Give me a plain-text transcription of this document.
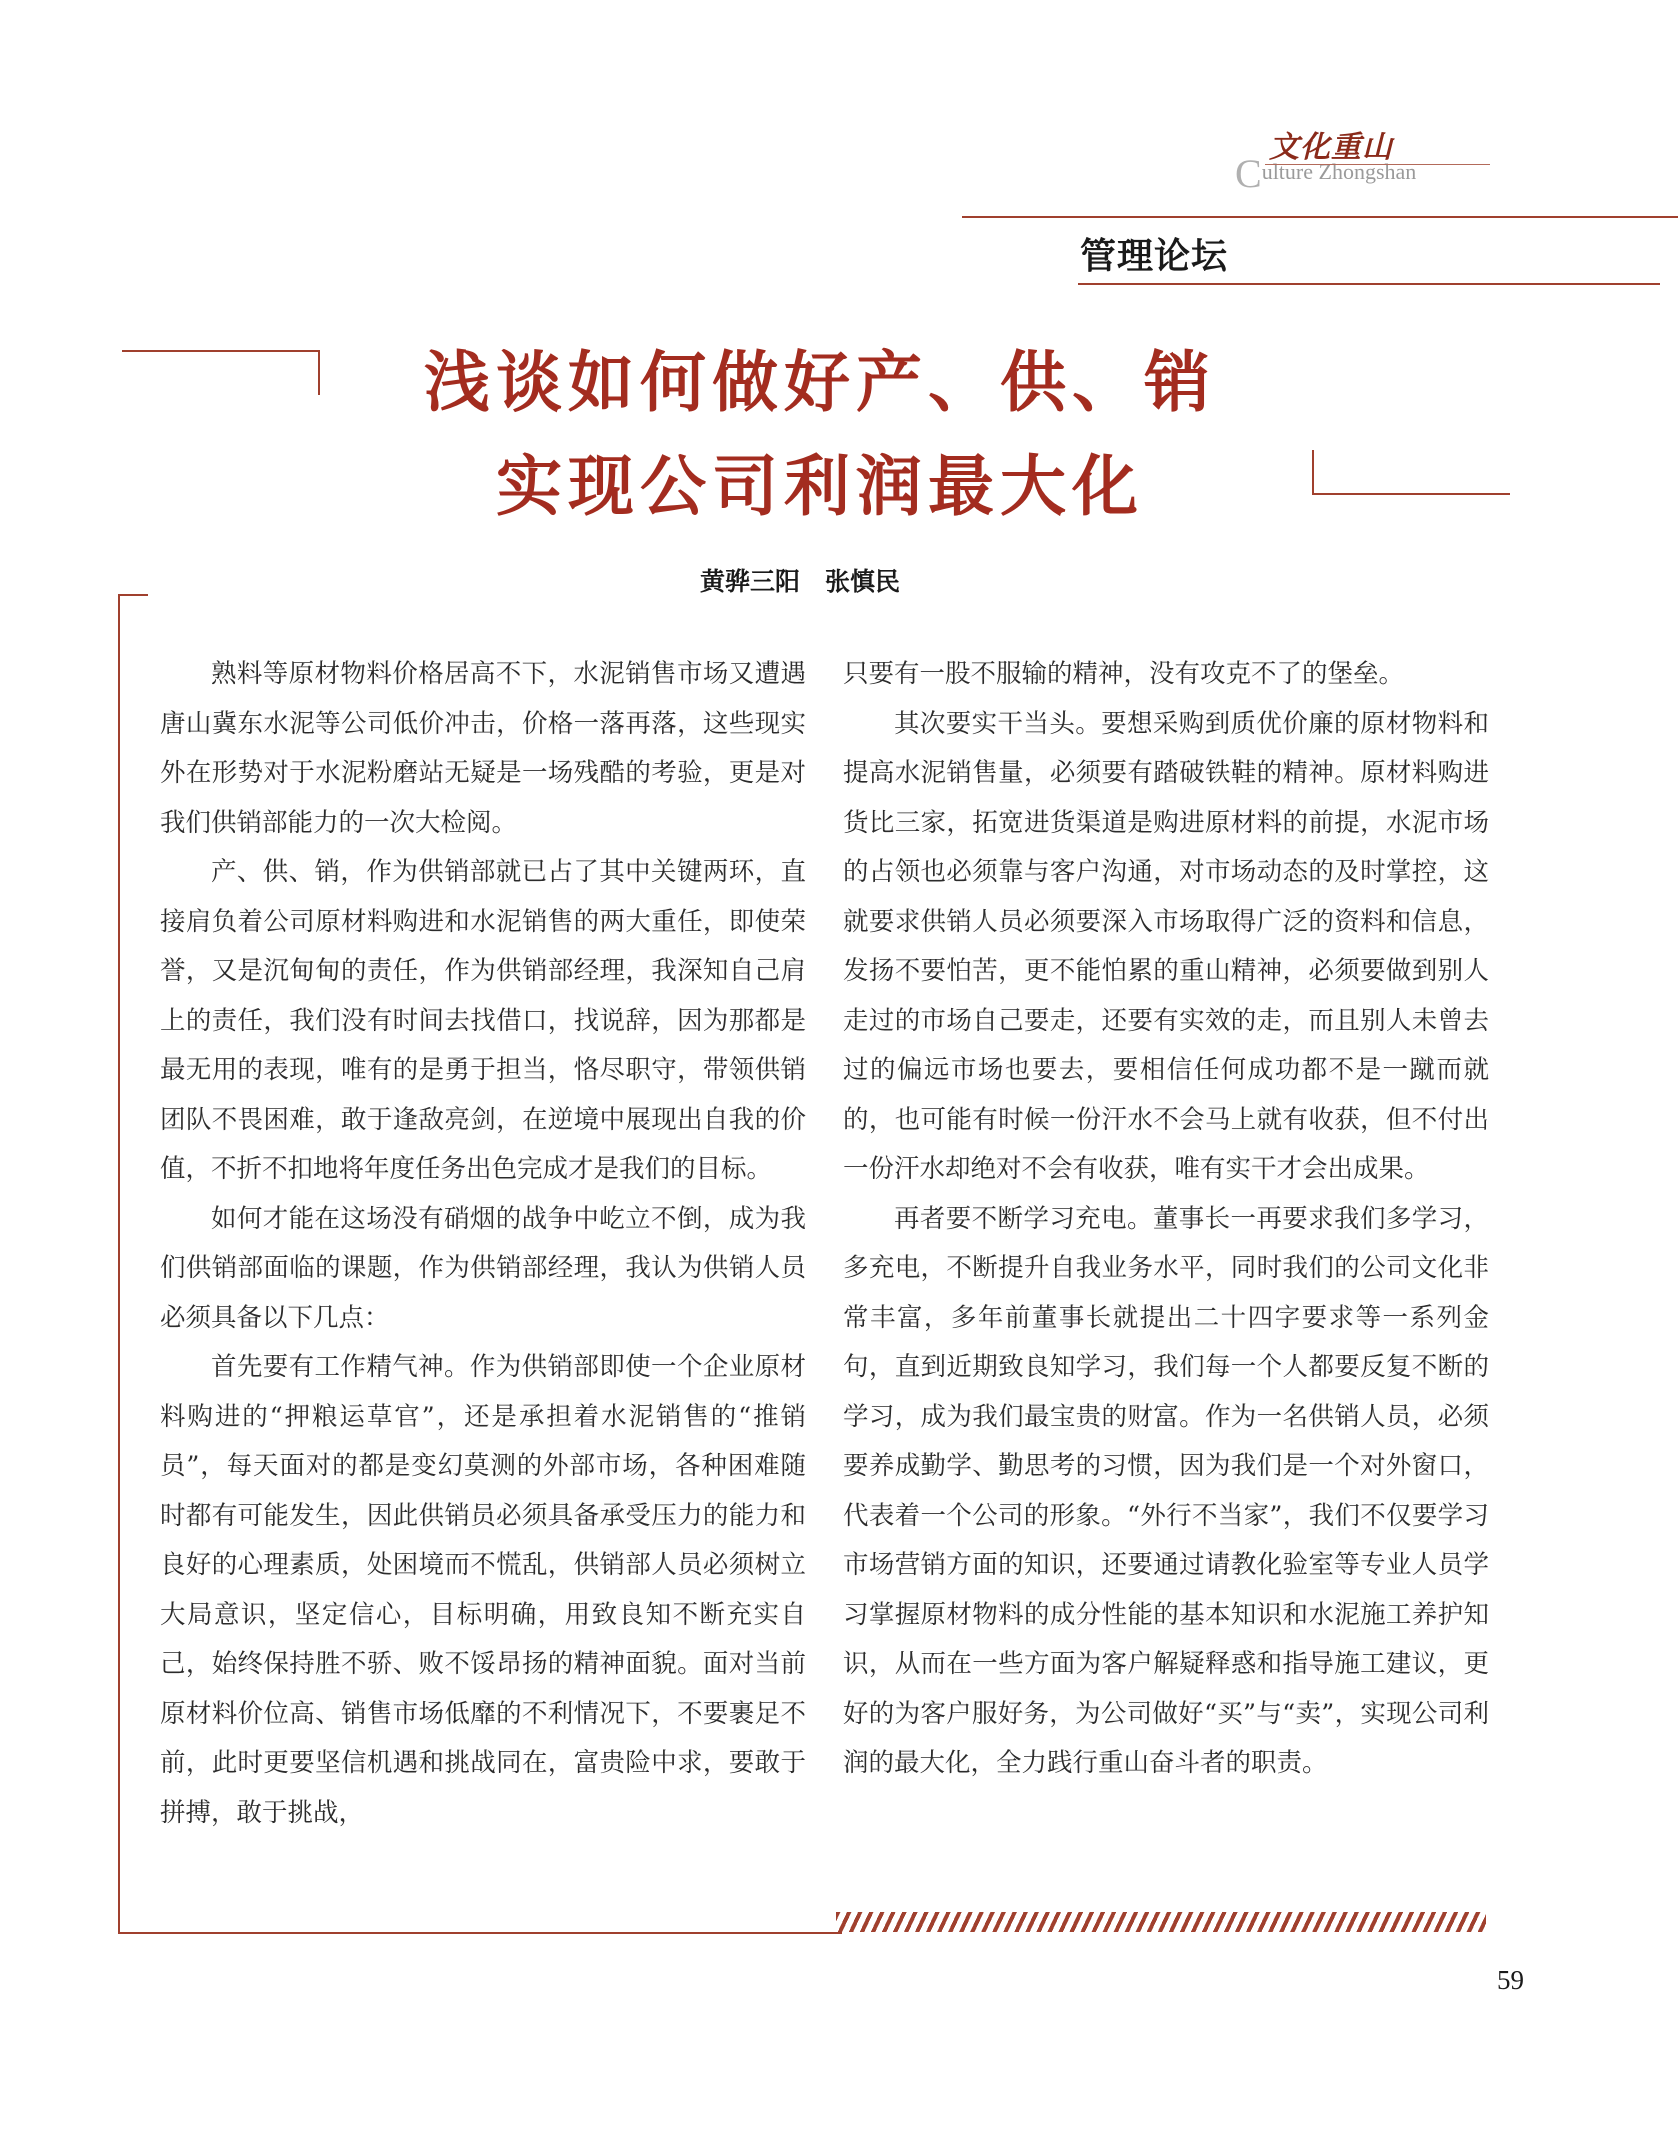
文化重山
Culture Zhongshan
管理论坛
浅谈如何做好产、供、销
实现公司利润最大化
黄骅三阳　张慎民

熟料等原材物料价格居高不下，水泥销售市场又遭遇唐山冀东水泥等公司低价冲击，价格一落再落，这些现实外在形势对于水泥粉磨站无疑是一场残酷的考验，更是对我们供销部能力的一次大检阅。

产、供、销，作为供销部就已占了其中关键两环，直接肩负着公司原材料购进和水泥销售的两大重任，即使荣誉，又是沉甸甸的责任，作为供销部经理，我深知自己肩上的责任，我们没有时间去找借口，找说辞，因为那都是最无用的表现，唯有的是勇于担当，恪尽职守，带领供销团队不畏困难，敢于逢敌亮剑，在逆境中展现出自我的价值，不折不扣地将年度任务出色完成才是我们的目标。

如何才能在这场没有硝烟的战争中屹立不倒，成为我们供销部面临的课题，作为供销部经理，我认为供销人员必须具备以下几点：

首先要有工作精气神。作为供销部即使一个企业原材料购进的“押粮运草官”，还是承担着水泥销售的“推销员”，每天面对的都是变幻莫测的外部市场，各种困难随时都有可能发生，因此供销员必须具备承受压力的能力和良好的心理素质，处困境而不慌乱，供销部人员必须树立大局意识，坚定信心，目标明确，用致良知不断充实自己，始终保持胜不骄、败不馁昂扬的精神面貌。面对当前原材料价位高、销售市场低靡的不利情况下，不要裹足不前，此时更要坚信机遇和挑战同在，富贵险中求，要敢于拼搏，敢于挑战，

只要有一股不服输的精神，没有攻克不了的堡垒。

其次要实干当头。要想采购到质优价廉的原材物料和提高水泥销售量，必须要有踏破铁鞋的精神。原材料购进货比三家，拓宽进货渠道是购进原材料的前提，水泥市场的占领也必须靠与客户沟通，对市场动态的及时掌控，这就要求供销人员必须要深入市场取得广泛的资料和信息，发扬不要怕苦，更不能怕累的重山精神，必须要做到别人走过的市场自己要走，还要有实效的走，而且别人未曾去过的偏远市场也要去，要相信任何成功都不是一蹴而就的，也可能有时候一份汗水不会马上就有收获，但不付出一份汗水却绝对不会有收获，唯有实干才会出成果。

再者要不断学习充电。董事长一再要求我们多学习，多充电，不断提升自我业务水平，同时我们的公司文化非常丰富，多年前董事长就提出二十四字要求等一系列金句，直到近期致良知学习，我们每一个人都要反复不断的学习，成为我们最宝贵的财富。作为一名供销人员，必须要养成勤学、勤思考的习惯，因为我们是一个对外窗口，代表着一个公司的形象。“外行不当家”，我们不仅要学习市场营销方面的知识，还要通过请教化验室等专业人员学习掌握原材物料的成分性能的基本知识和水泥施工养护知识，从而在一些方面为客户解疑释惑和指导施工建议，更好的为客户服好务，为公司做好“买”与“卖”，实现公司利润的最大化，全力践行重山奋斗者的职责。

59
